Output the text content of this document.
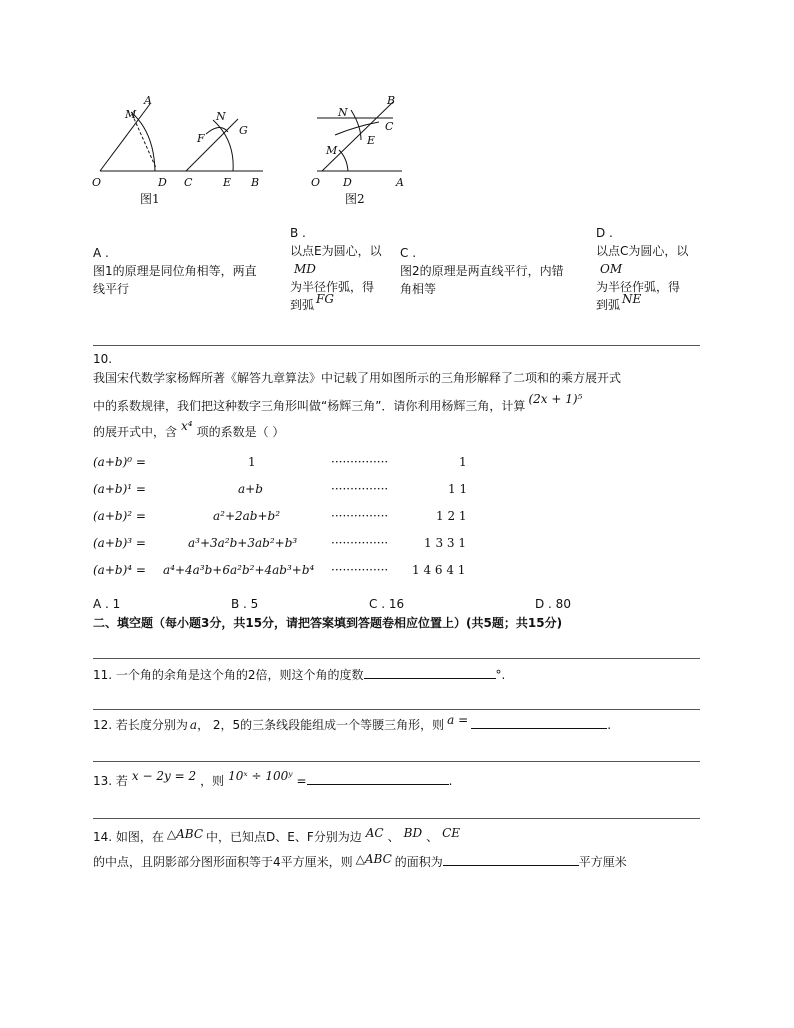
M
A
O	D
N
G
F
C	E B
图1
N
B
C
E
M
O D	A
图2
A .
图1的原理是同位角相等，两直
线平行
B .
以点E为圆心，以
MD
为半径作弧，得
到弧 FG
C .
图2的原理是两直线平行，内错
角相等
D .
以点C为圆心，以
OM
为半径作弧，得
到弧 NE
10.
我国宋代数学家杨辉所著《解答九章算法》中记载了用如图所示的三角形解释了二项和的乘方展开式
中的系数规律，我们把这种数字三角形叫做“杨辉三角”．请你利用杨辉三角，计算 (2x + 1)⁵
的展开式中，含 x⁴ 项的系数是（ ）
(a+b)⁰ =	1	···············	1
(a+b)¹ =	a+b	···············	1 1
(a+b)² =	a²+2ab+b²	···············	1 2 1
(a+b)³ =	a³+3a²b+3ab²+b³	···············	1 3 3 1
(a+b)⁴ = a⁴+4a³b+6a²b²+4ab³+b⁴ ··············· 1 4 6 4 1
A . 1	B . 5	C . 16	D . 80
二、填空题（每小题3分，共15分，请把答案填到答题卷相应位置上）(共5题；共15分)
11. 一个角的余角是这个角的2倍，则这个角的度数	°.
12. 若长度分别为 a， 2，5的三条线段能组成一个等腰三角形，则 a =	.
13. 若 x − 2y = 2 ，则 10ˣ ÷ 100ʸ =	.
14. 如图，在 △ABC 中，已知点D、E、F分别为边 AC 、 BD 、 CE
的中点，且阴影部分图形面积等于4平方厘米，则 △ABC 的面积为	平方厘米
